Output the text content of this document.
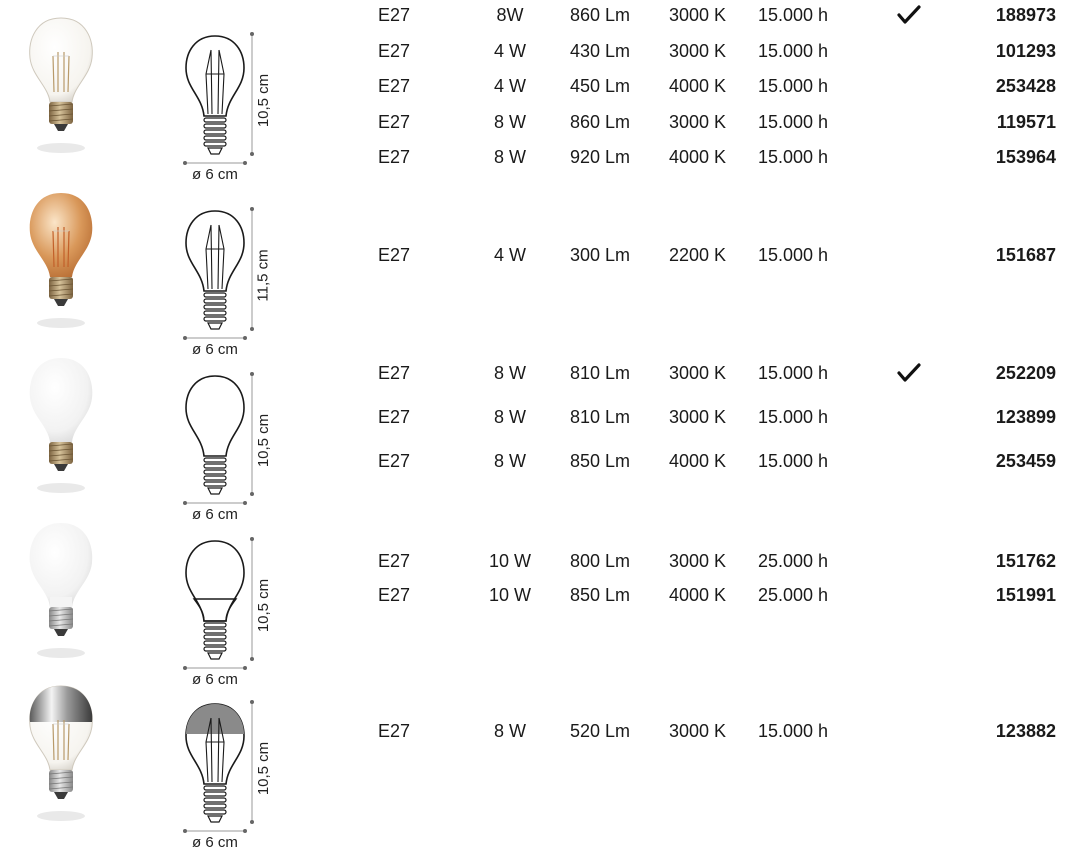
10,5 cm
ø 6 cm
E27	8W	860 Lm 3000 K 15.000 h	188973
E27	4 W	430 Lm 3000 K 15.000 h	101293
E27	4 W	450 Lm 4000 K 15.000 h	253428
E27	8 W	860 Lm 3000 K 15.000 h	119571
E27	8 W	920 Lm 4000 K 15.000 h	153964
11,5 cm
ø 6 cm
E27	4 W	300 Lm 2200 K 15.000 h	151687
10,5 cm
ø 6 cm
E27	8 W	810 Lm 3000 K 15.000 h	252209
E27	8 W	810 Lm 3000 K 15.000 h	123899
E27	8 W	850 Lm 4000 K 15.000 h	253459
10,5 cm
ø 6 cm
E27	10 W 800 Lm 3000 K 25.000 h	151762
E27	10 W 850 Lm 4000 K 25.000 h	151991
10,5 cm
ø 6 cm
E27	8 W	520 Lm 3000 K 15.000 h	123882
